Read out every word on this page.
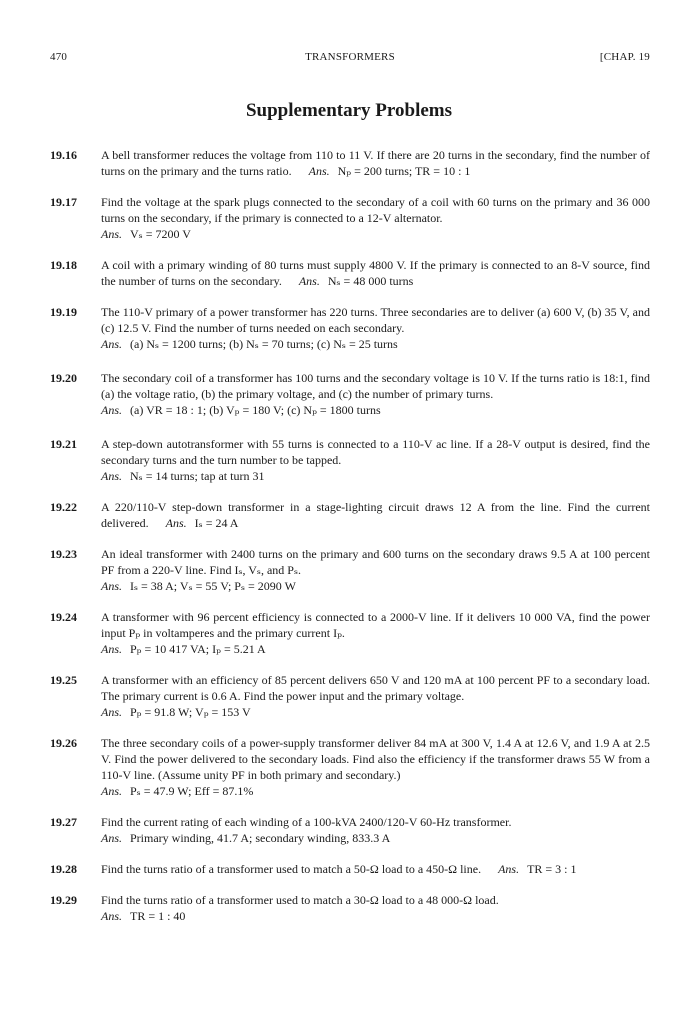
470	TRANSFORMERS	[CHAP. 19
Supplementary Problems
19.16	A bell transformer reduces the voltage from 110 to 11 V. If there are 20 turns in the secondary, find the number of turns on the primary and the turns ratio. Ans. Nₚ = 200 turns; TR = 10 : 1
19.17	Find the voltage at the spark plugs connected to the secondary of a coil with 60 turns on the primary and 36 000 turns on the secondary, if the primary is connected to a 12-V alternator.
Ans. Vₛ = 7200 V
19.18	A coil with a primary winding of 80 turns must supply 4800 V. If the primary is connected to an 8-V source, find the number of turns on the secondary. Ans. Nₛ = 48 000 turns
19.19	The 110-V primary of a power transformer has 220 turns. Three secondaries are to deliver (a) 600 V, (b) 35 V, and (c) 12.5 V. Find the number of turns needed on each secondary.
Ans. (a) Nₛ = 1200 turns; (b) Nₛ = 70 turns; (c) Nₛ = 25 turns
19.20	The secondary coil of a transformer has 100 turns and the secondary voltage is 10 V. If the turns ratio is 18:1, find (a) the voltage ratio, (b) the primary voltage, and (c) the number of primary turns.
Ans. (a) VR = 18 : 1; (b) Vₚ = 180 V; (c) Nₚ = 1800 turns
19.21	A step-down autotransformer with 55 turns is connected to a 110-V ac line. If a 28-V output is desired, find the secondary turns and the turn number to be tapped.
Ans. Nₛ = 14 turns; tap at turn 31
19.22	A 220/110-V step-down transformer in a stage-lighting circuit draws 12 A from the line. Find the current delivered. Ans. Iₛ = 24 A
19.23	An ideal transformer with 2400 turns on the primary and 600 turns on the secondary draws 9.5 A at 100 percent PF from a 220-V line. Find Iₛ, Vₛ, and Pₛ.
Ans. Iₛ = 38 A; Vₛ = 55 V; Pₛ = 2090 W
19.24	A transformer with 96 percent efficiency is connected to a 2000-V line. If it delivers 10 000 VA, find the power input Pₚ in voltamperes and the primary current Iₚ.
Ans. Pₚ = 10 417 VA; Iₚ = 5.21 A
19.25	A transformer with an efficiency of 85 percent delivers 650 V and 120 mA at 100 percent PF to a secondary load. The primary current is 0.6 A. Find the power input and the primary voltage.
Ans. Pₚ = 91.8 W; Vₚ = 153 V
19.26	The three secondary coils of a power-supply transformer deliver 84 mA at 300 V, 1.4 A at 12.6 V, and 1.9 A at 2.5 V. Find the power delivered to the secondary loads. Find also the efficiency if the transformer draws 55 W from a 110-V line. (Assume unity PF in both primary and secondary.)
Ans. Pₛ = 47.9 W; Eff = 87.1%
19.27	Find the current rating of each winding of a 100-kVA 2400/120-V 60-Hz transformer.
Ans. Primary winding, 41.7 A; secondary winding, 833.3 A
19.28	Find the turns ratio of a transformer used to match a 50-Ω load to a 450-Ω line. Ans. TR = 3 : 1
19.29	Find the turns ratio of a transformer used to match a 30-Ω load to a 48 000-Ω load.
Ans. TR = 1 : 40
